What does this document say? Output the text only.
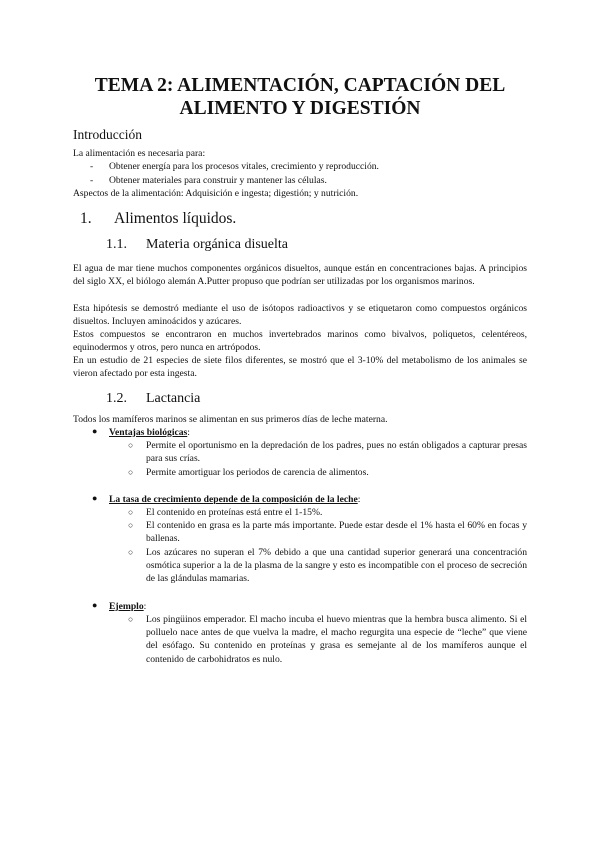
TEMA 2: ALIMENTACIÓN, CAPTACIÓN DEL
ALIMENTO Y DIGESTIÓN
Introducción
La alimentación es necesaria para:
- Obtener energía para los procesos vitales, crecimiento y reproducción.
- Obtener materiales para construir y mantener las células.
Aspectos de la alimentación: Adquisición e ingesta; digestión; y nutrición.
1. Alimentos líquidos.
1.1. Materia orgánica disuelta
El agua de mar tiene muchos componentes orgánicos disueltos, aunque están en concentraciones bajas. A principios del siglo XX, el biólogo alemán A.Putter propuso que podrían ser utilizadas por los organismos marinos.
Esta hipótesis se demostró mediante el uso de isótopos radioactivos y se etiquetaron como compuestos orgánicos disueltos. Incluyen aminoácidos y azúcares.
Estos compuestos se encontraron en muchos invertebrados marinos como bivalvos, poliquetos, celentéreos, equinodermos y otros, pero nunca en artrópodos.
En un estudio de 21 especies de siete filos diferentes, se mostró que el 3-10% del metabolismo de los animales se vieron afectado por esta ingesta.
1.2. Lactancia
Todos los mamíferos marinos se alimentan en sus primeros días de leche materna.
● Ventajas biológicas:
○ Permite el oportunismo en la depredación de los padres, pues no están obligados a capturar presas para sus crías.
○ Permite amortiguar los periodos de carencia de alimentos.
● La tasa de crecimiento depende de la composición de la leche:
○ El contenido en proteínas está entre el 1-15%.
○ El contenido en grasa es la parte más importante. Puede estar desde el 1% hasta el 60% en focas y ballenas.
○ Los azúcares no superan el 7% debido a que una cantidad superior generará una concentración osmótica superior a la de la plasma de la sangre y esto es incompatible con el proceso de secreción de las glándulas mamarias.
● Ejemplo:
○ Los pingüinos emperador. El macho incuba el huevo mientras que la hembra busca alimento. Si el polluelo nace antes de que vuelva la madre, el macho regurgita una especie de “leche” que viene del esófago. Su contenido en proteínas y grasa es semejante al de los mamíferos aunque el contenido de carbohidratos es nulo.
